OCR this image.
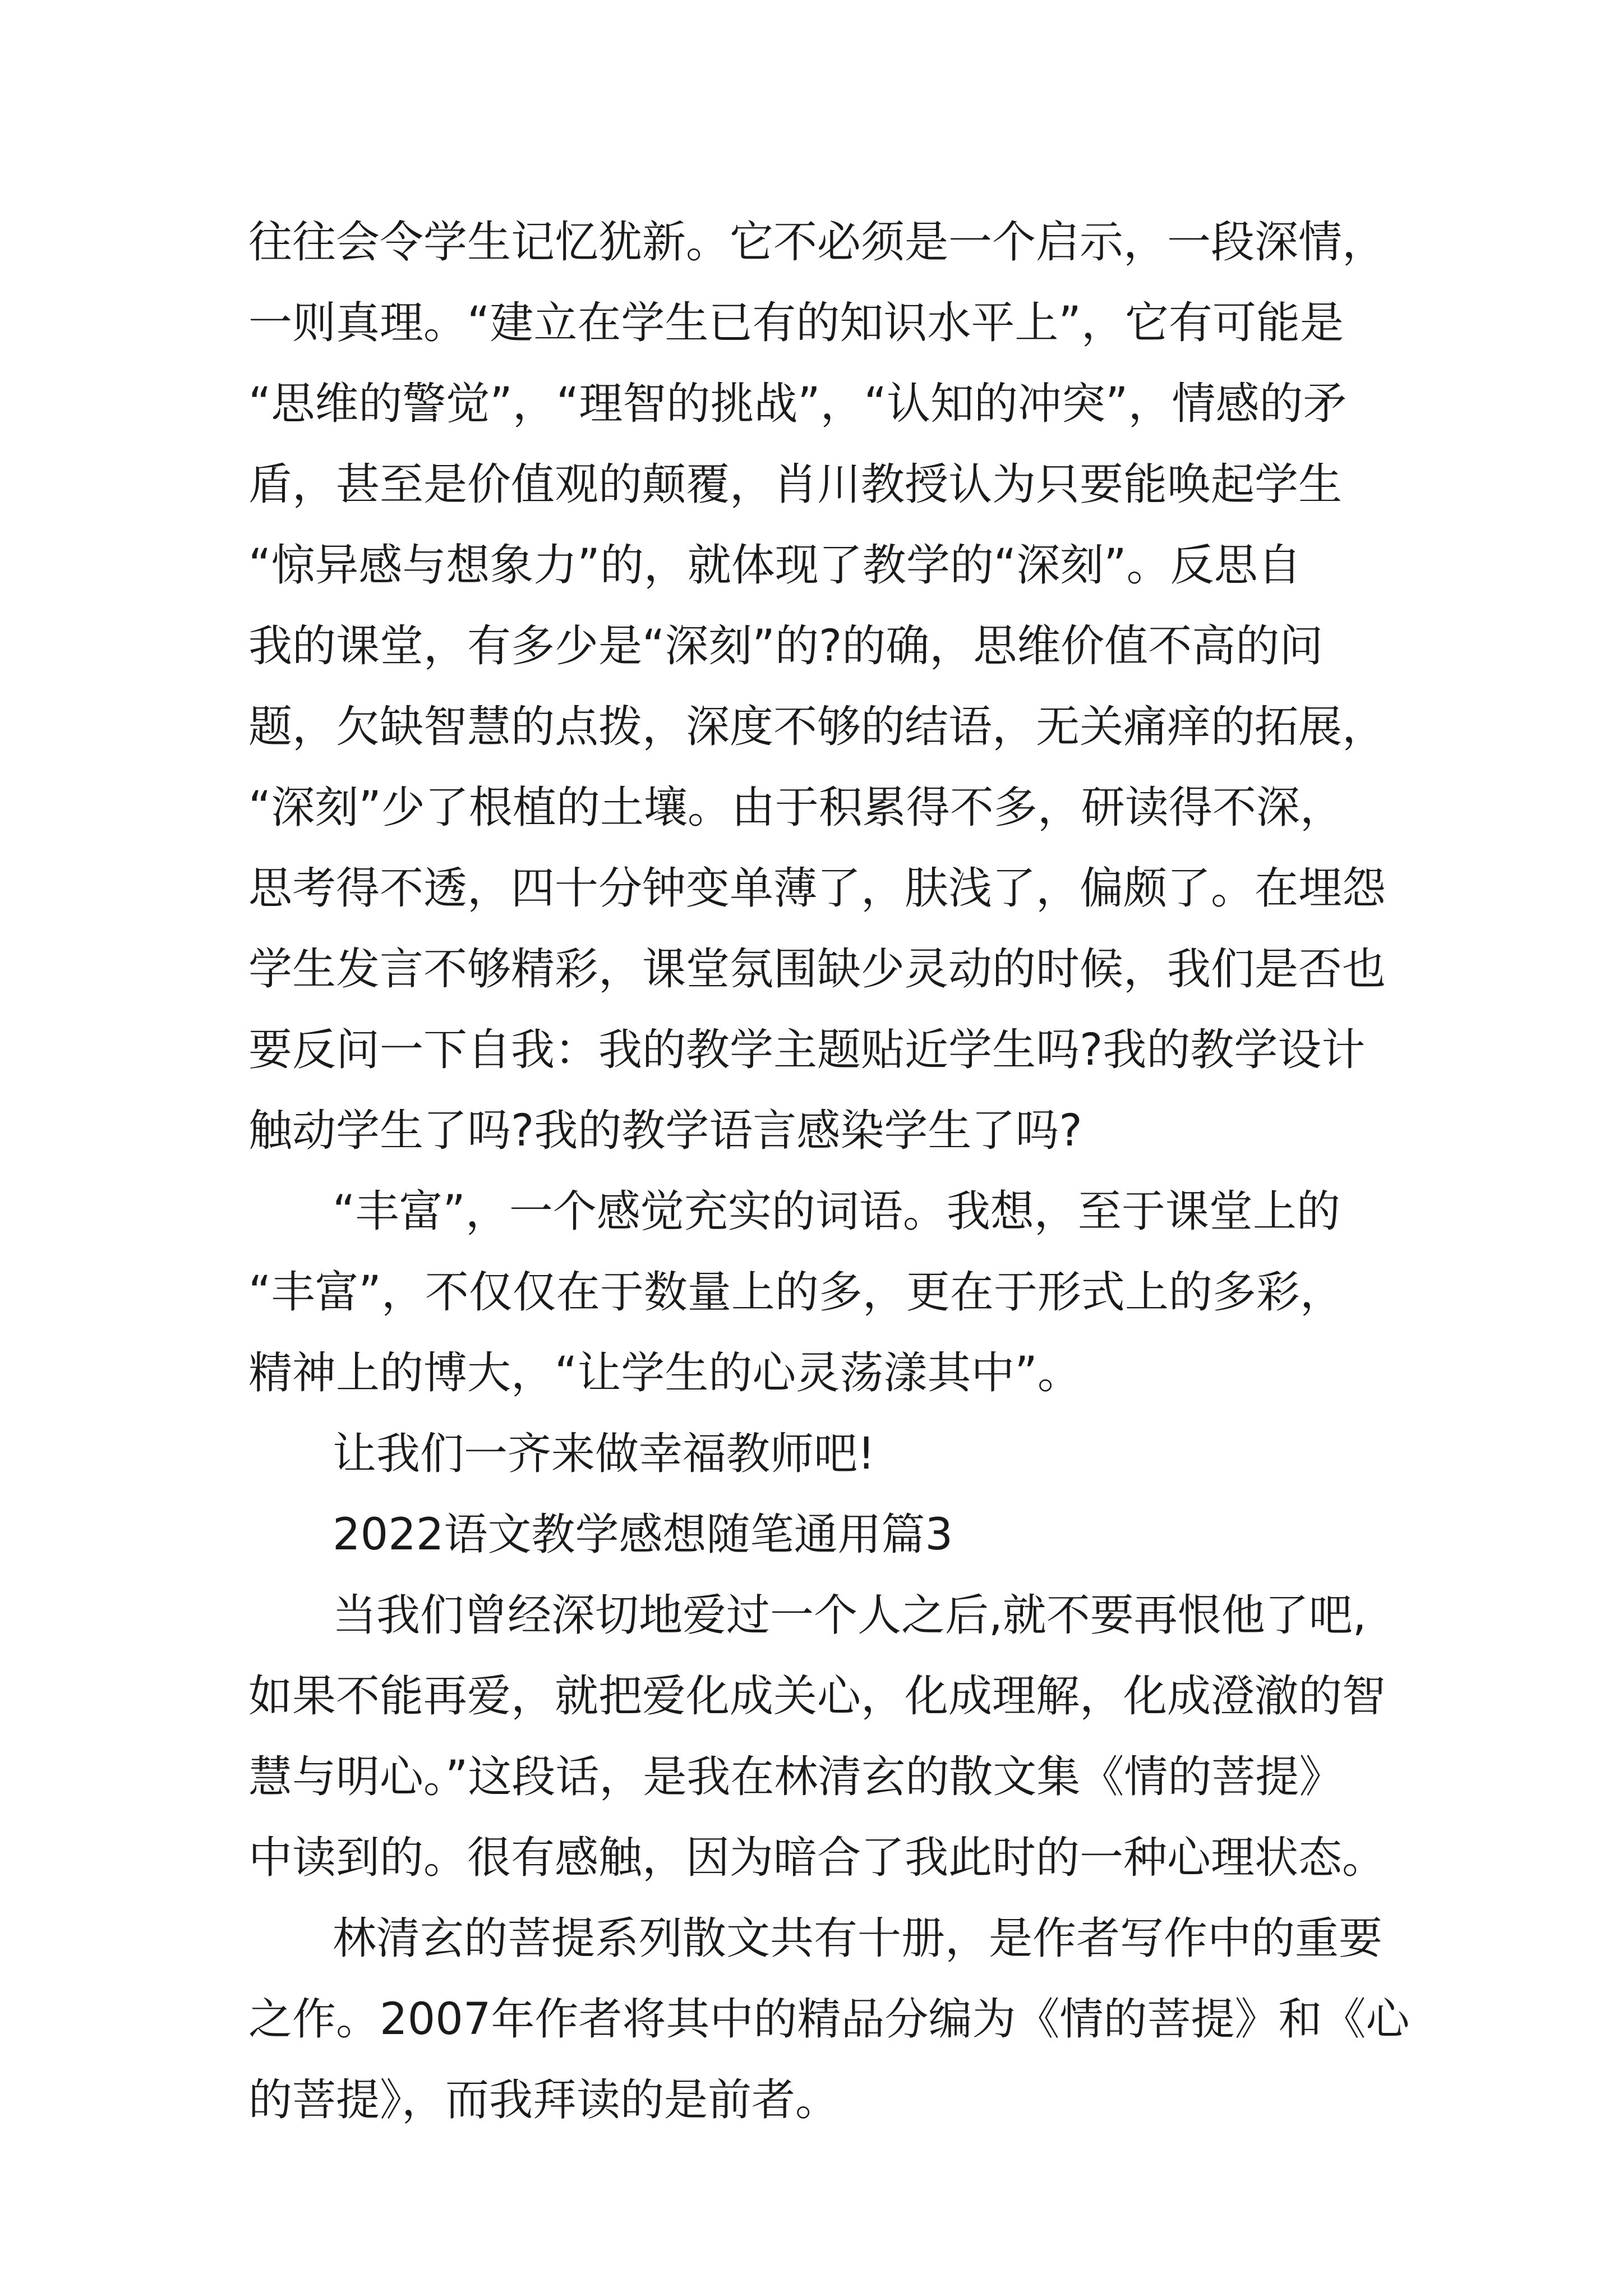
往往会令学生记忆犹新。它不必须是一个启示，一段深情，
一则真理。“建立在学生已有的知识水平上”，它有可能是
“思维的警觉”，“理智的挑战”，“认知的冲突”，情感的矛
盾，甚至是价值观的颠覆，肖川教授认为只要能唤起学生
“惊异感与想象力”的，就体现了教学的“深刻”。反思自
我的课堂，有多少是“深刻”的?的确，思维价值不高的问
题，欠缺智慧的点拨，深度不够的结语，无关痛痒的拓展，
“深刻”少了根植的土壤。由于积累得不多，研读得不深，
思考得不透，四十分钟变单薄了，肤浅了，偏颇了。在埋怨
学生发言不够精彩，课堂氛围缺少灵动的时候，我们是否也
要反问一下自我：我的教学主题贴近学生吗?我的教学设计
触动学生了吗?我的教学语言感染学生了吗?
“丰富”，一个感觉充实的词语。我想，至于课堂上的
“丰富”，不仅仅在于数量上的多，更在于形式上的多彩，
精神上的博大，“让学生的心灵荡漾其中”。
让我们一齐来做幸福教师吧!
2022语文教学感想随笔通用篇3
当我们曾经深切地爱过一个人之后,就不要再恨他了吧,
如果不能再爱，就把爱化成关心，化成理解，化成澄澈的智
慧与明心。”这段话，是我在林清玄的散文集《情的菩提》
中读到的。很有感触，因为暗合了我此时的一种心理状态。
林清玄的菩提系列散文共有十册，是作者写作中的重要
之作。2007年作者将其中的精品分编为《情的菩提》和《心
的菩提》，而我拜读的是前者。
